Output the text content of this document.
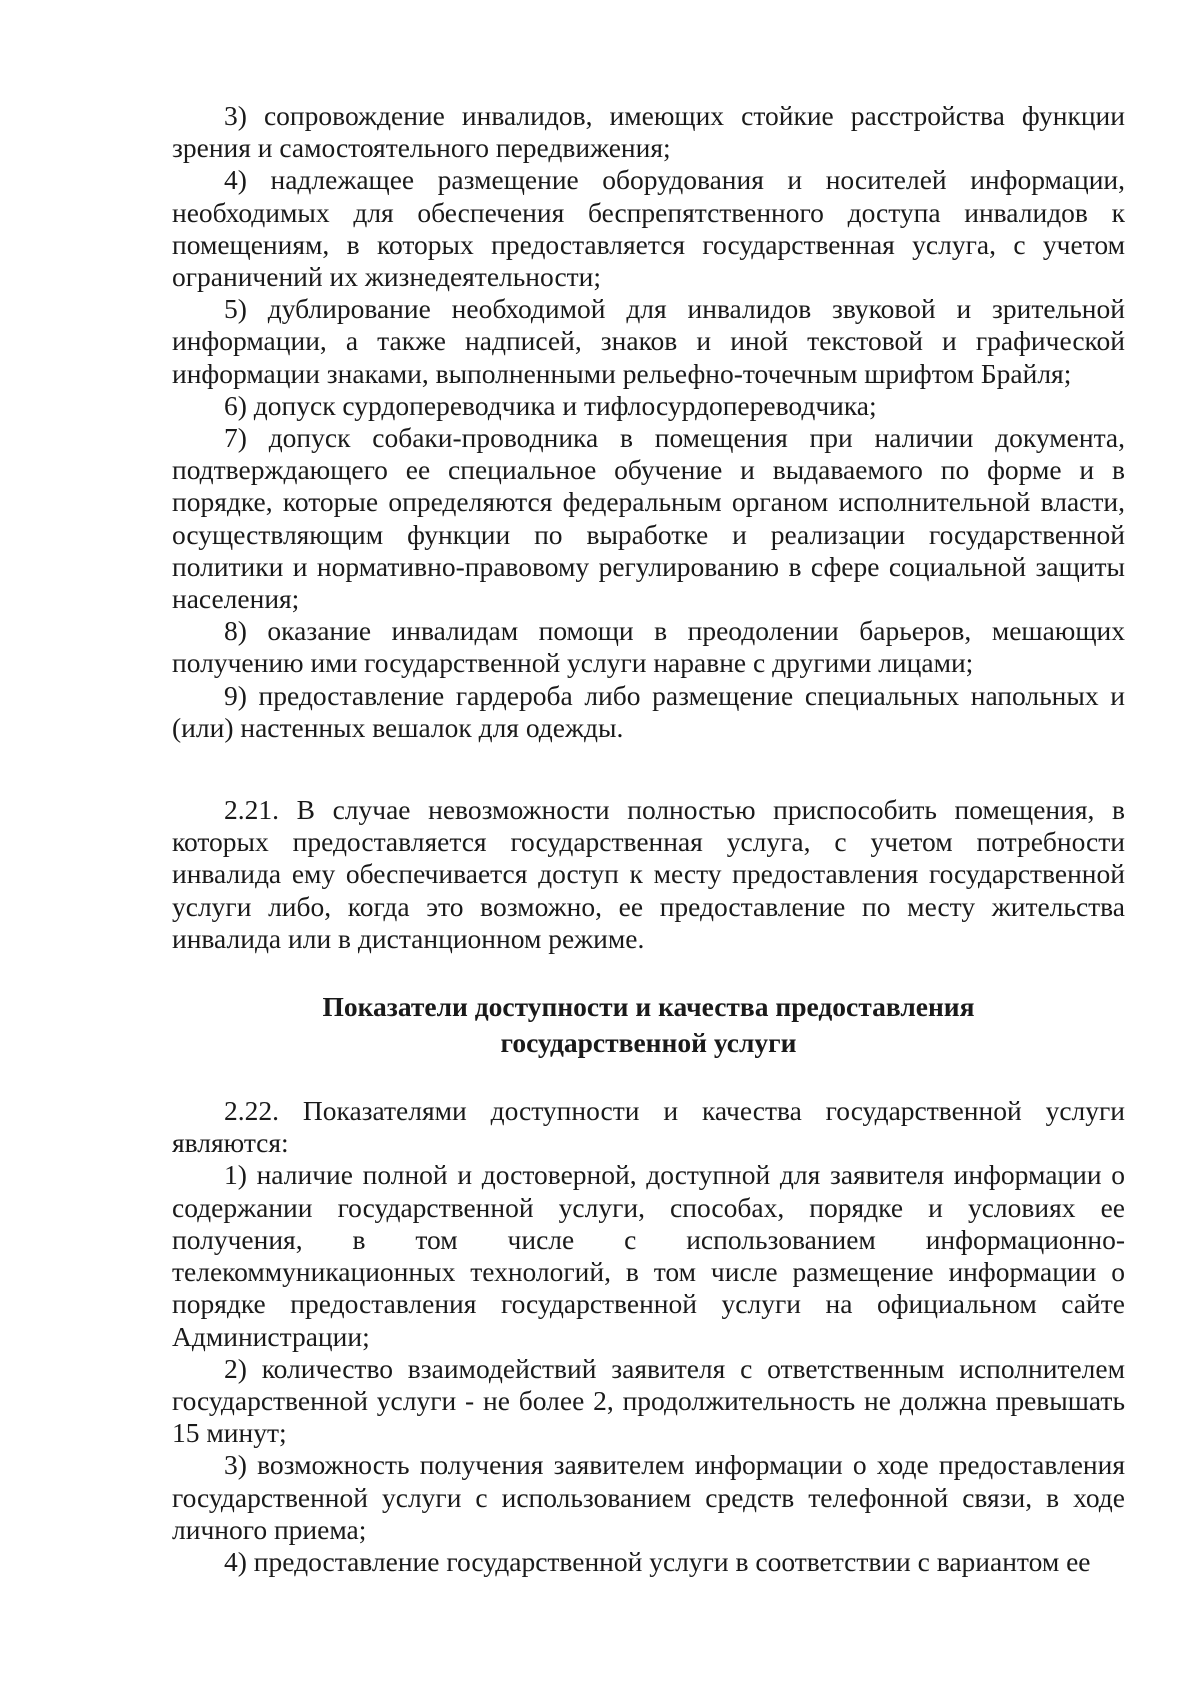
3) сопровождение инвалидов, имеющих стойкие расстройства функции зрения и самостоятельного передвижения;

4) надлежащее размещение оборудования и носителей информации, необходимых для обеспечения беспрепятственного доступа инвалидов к помещениям, в которых предоставляется государственная услуга, с учетом ограничений их жизнедеятельности;

5) дублирование необходимой для инвалидов звуковой и зрительной информации, а также надписей, знаков и иной текстовой и графической информации знаками, выполненными рельефно-точечным шрифтом Брайля;

6) допуск сурдопереводчика и тифлосурдопереводчика;

7) допуск собаки-проводника в помещения при наличии документа, подтверждающего ее специальное обучение и выдаваемого по форме и в порядке, которые определяются федеральным органом исполнительной власти, осуществляющим функции по выработке и реализации государственной политики и нормативно-правовому регулированию в сфере социальной защиты населения;

8) оказание инвалидам помощи в преодолении барьеров, мешающих получению ими государственной услуги наравне с другими лицами;

9) предоставление гардероба либо размещение специальных напольных и (или) настенных вешалок для одежды.

2.21. В случае невозможности полностью приспособить помещения, в которых предоставляется государственная услуга, с учетом потребности инвалида ему обеспечивается доступ к месту предоставления государственной услуги либо, когда это возможно, ее предоставление по месту жительства инвалида или в дистанционном режиме.

Показатели доступности и качества предоставления
государственной услуги

2.22. Показателями доступности и качества государственной услуги являются:

1) наличие полной и достоверной, доступной для заявителя информации о содержании государственной услуги, способах, порядке и условиях ее получения, в том числе с использованием информационно-телекоммуникационных технологий, в том числе размещение информации о порядке предоставления государственной услуги на официальном сайте Администрации;

2) количество взаимодействий заявителя с ответственным исполнителем государственной услуги - не более 2, продолжительность не должна превышать 15 минут;

3) возможность получения заявителем информации о ходе предоставления государственной услуги с использованием средств телефонной связи, в ходе личного приема;

4) предоставление государственной услуги в соответствии с вариантом ее
